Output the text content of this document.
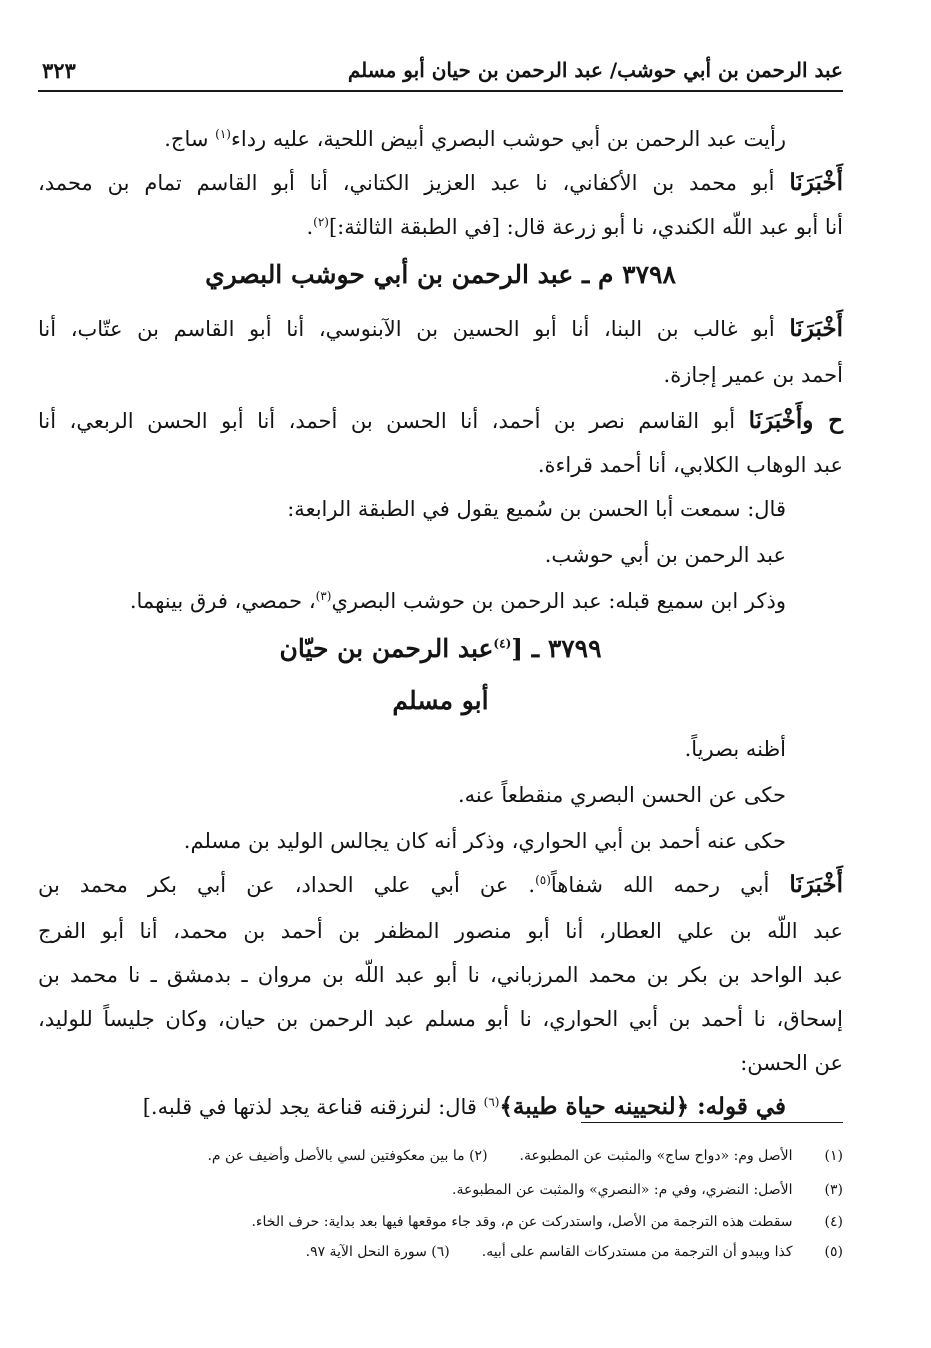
عبد الرحمن بن أبي حوشب/ عبد الرحمن بن حيان أبو مسلم
٣٢٣
رأيت عبد الرحمن بن أبي حوشب البصري أبيض اللحية، عليه رداء$^{(١)}$ ساج.
أَخْبَرَنَا أبو محمد بن الأكفاني، نا عبد العزيز الكتاني، أنا أبو القاسم تمام بن محمد،
أنا أبو عبد اللّه الكندي، نا أبو زرعة قال: [في الطبقة الثالثة:]$^{(٢)}$.
٣٧٩٨ م ـ عبد الرحمن بن أبي حوشب البصري
أَخْبَرَنَا أبو غالب بن البنا، أنا أبو الحسين بن الآبنوسي، أنا أبو القاسم بن عتّاب، أنا
أحمد بن عمير إجازة.
ح وأَخْبَرَنَا أبو القاسم نصر بن أحمد، أنا الحسن بن أحمد، أنا أبو الحسن الربعي، أنا
عبد الوهاب الكلابي، أنا أحمد قراءة.
قال: سمعت أبا الحسن بن سُميع يقول في الطبقة الرابعة:
عبد الرحمن بن أبي حوشب.
وذكر ابن سميع قبله: عبد الرحمن بن حوشب البصري$^{(٣)}$، حمصي، فرق بينهما.
٣٧٩٩ ـ [$^{(٤)}$عبد الرحمن بن حيّان
أبو مسلم
أظنه بصرياً.
حكى عن الحسن البصري منقطعاً عنه.
حكى عنه أحمد بن أبي الحواري، وذكر أنه كان يجالس الوليد بن مسلم.
أَخْبَرَنَا أبي رحمه الله شفاهاً$^{(٥)}$. عن أبي علي الحداد، عن أبي بكر محمد بن
عبد اللّه بن علي العطار، أنا أبو منصور المظفر بن أحمد بن محمد، أنا أبو الفرج
عبد الواحد بن بكر بن محمد المرزباني، نا أبو عبد اللّه بن مروان ـ بدمشق ـ نا محمد بن
إسحاق، نا أحمد بن أبي الحواري، نا أبو مسلم عبد الرحمن بن حيان، وكان جليساً للوليد،
عن الحسن:
في قوله: ﴿لنحيينه حياة طيبة﴾$^{(٦)}$ قال: لنرزقنه قناعة يجد لذتها في قلبه.]
(١) الأصل وم: «دواح ساج» والمثبت عن المطبوعة.(٢) ما بين معكوفتين لسي بالأصل وأضيف عن م.
(٣) الأصل: النضري، وفي م: «النصري» والمثبت عن المطبوعة.
(٤) سقطت هذه الترجمة من الأصل، واستدركت عن م، وقد جاء موقعها فيها بعد بداية: حرف الخاء.
(٥) كذا ويبدو أن الترجمة من مستدركات القاسم على أبيه.(٦) سورة النحل الآية ٩٧.
